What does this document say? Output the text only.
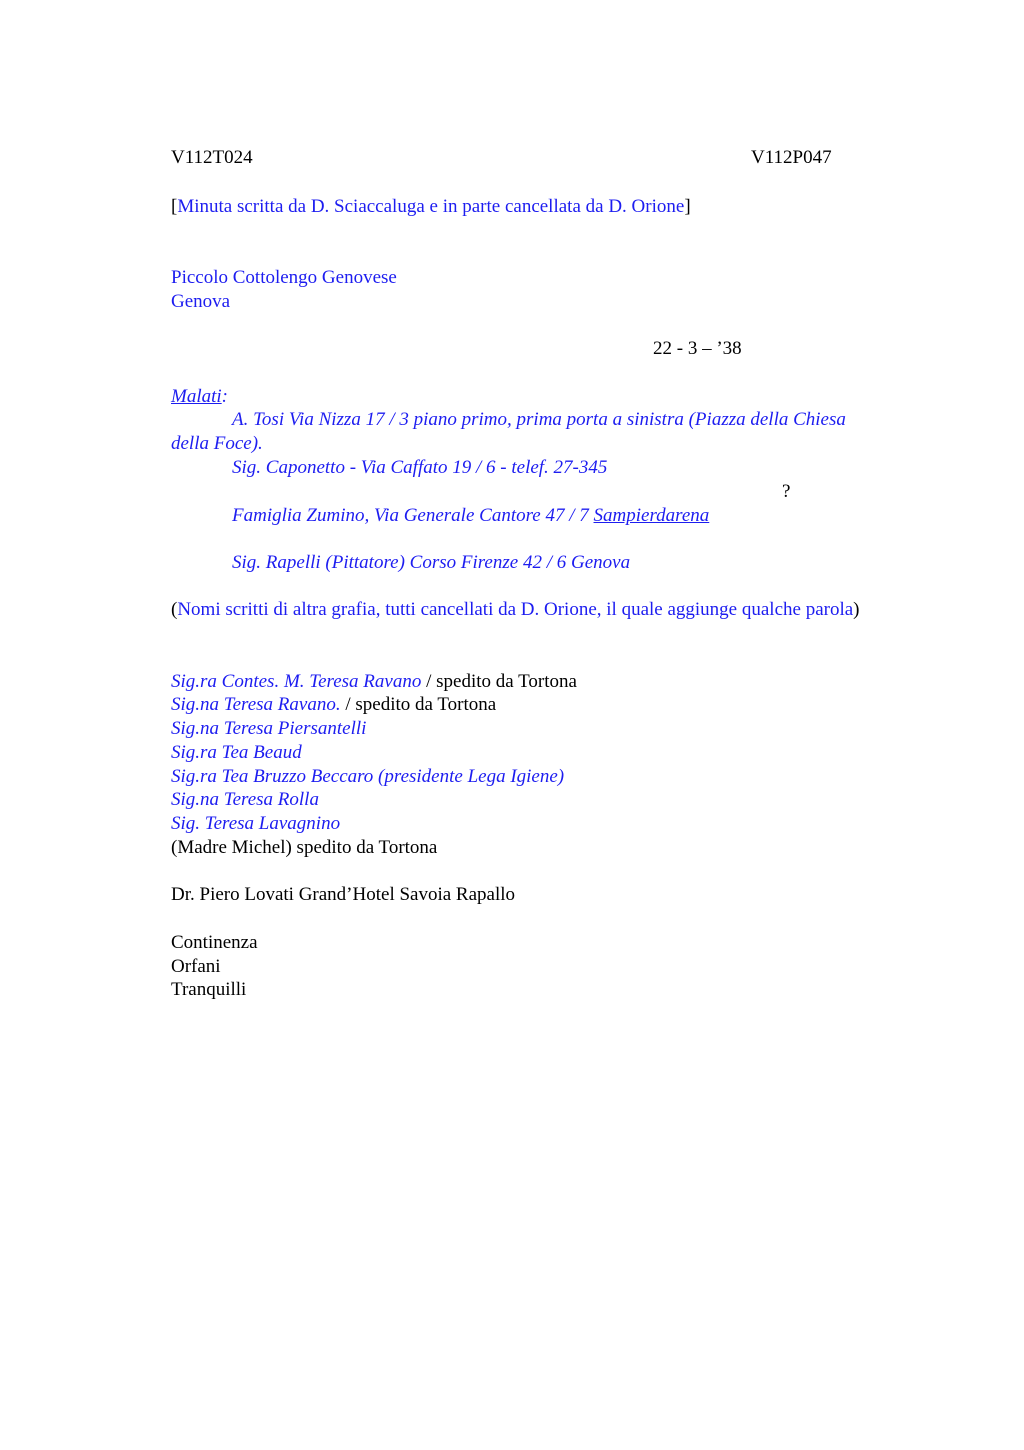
V112T024	V112P047
[Minuta scritta da D. Sciaccaluga e in parte cancellata da D. Orione]
Piccolo Cottolengo Genovese
Genova
22 - 3 – ’38
Malati:
A. Tosi Via Nizza 17 / 3 piano primo, prima porta a sinistra (Piazza della Chiesa
della Foce).
Sig. Caponetto - Via Caffato 19 / 6 - telef. 27-345
?
Famiglia Zumino, Via Generale Cantore 47 / 7 Sampierdarena
Sig. Rapelli (Pittatore) Corso Firenze 42 / 6 Genova
(Nomi scritti di altra grafia, tutti cancellati da D. Orione, il quale aggiunge qualche parola)
Sig.ra Contes. M. Teresa Ravano / spedito da Tortona
Sig.na Teresa Ravano. / spedito da Tortona
Sig.na Teresa Piersantelli
Sig.ra Tea Beaud
Sig.ra Tea Bruzzo Beccaro (presidente Lega Igiene)
Sig.na Teresa Rolla
Sig. Teresa Lavagnino
(Madre Michel) spedito da Tortona
Dr. Piero Lovati Grand’Hotel Savoia Rapallo
Continenza
Orfani
Tranquilli
